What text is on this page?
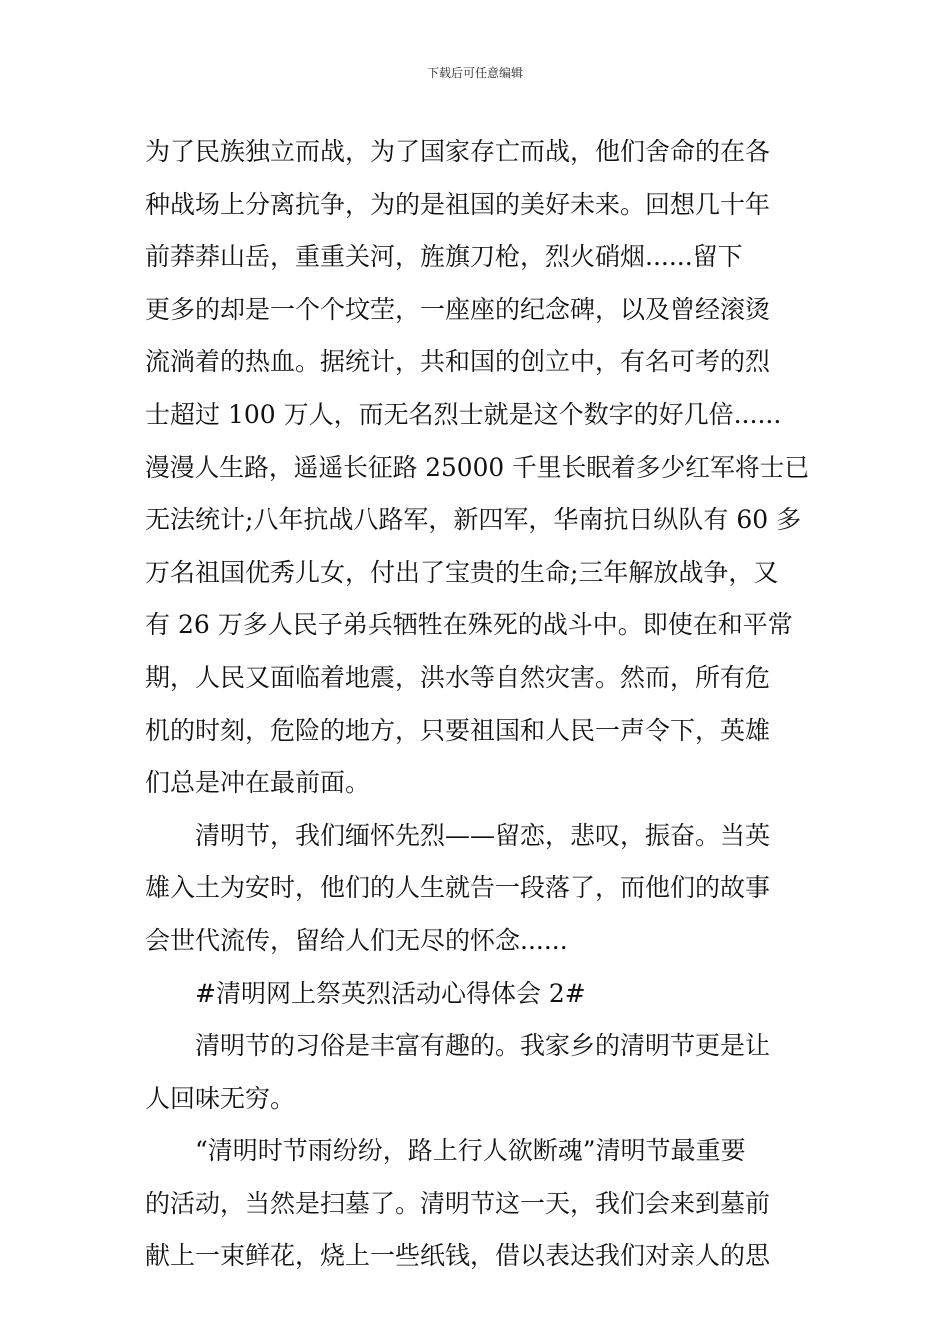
下载后可任意编辑
为了民族独立而战，为了国家存亡而战，他们舍命的在各
种战场上分离抗争，为的是祖国的美好未来。回想几十年
前莽莽山岳，重重关河，旌旗刀枪，烈火硝烟......留下
更多的却是一个个坟茔，一座座的纪念碑，以及曾经滚烫
流淌着的热血。据统计，共和国的创立中，有名可考的烈
士超过 100 万人，而无名烈士就是这个数字的好几倍......
漫漫人生路，遥遥长征路 25000 千里长眠着多少红军将士已
无法统计;八年抗战八路军，新四军，华南抗日纵队有 60 多
万名祖国优秀儿女，付出了宝贵的生命;三年解放战争，又
有 26 万多人民子弟兵牺牲在殊死的战斗中。即使在和平常
期，人民又面临着地震，洪水等自然灾害。然而，所有危
机的时刻，危险的地方，只要祖国和人民一声令下，英雄
们总是冲在最前面。
清明节，我们缅怀先烈——留恋，悲叹，振奋。当英
雄入土为安时，他们的人生就告一段落了，而他们的故事
会世代流传，留给人们无尽的怀念......
#清明网上祭英烈活动心得体会 2#
清明节的习俗是丰富有趣的。我家乡的清明节更是让
人回味无穷。
“清明时节雨纷纷，路上行人欲断魂”清明节最重要
的活动，当然是扫墓了。清明节这一天，我们会来到墓前
献上一束鲜花，烧上一些纸钱，借以表达我们对亲人的思
